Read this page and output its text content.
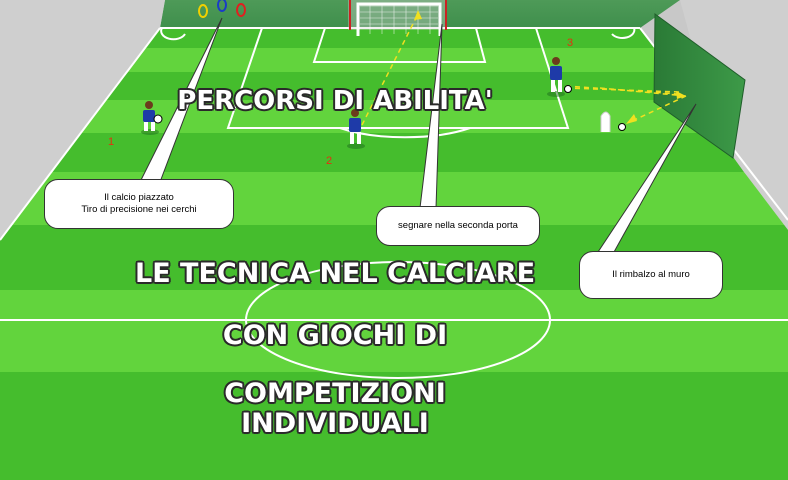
1
2
3
PERCORSI DI ABILITA'
Il calcio piazzato
Tiro di precisione nei cerchi
segnare nella seconda porta
Il rimbalzo al muro
LE TECNICA NEL CALCIARE
CON GIOCHI DI
COMPETIZIONI
INDIVIDUALI
